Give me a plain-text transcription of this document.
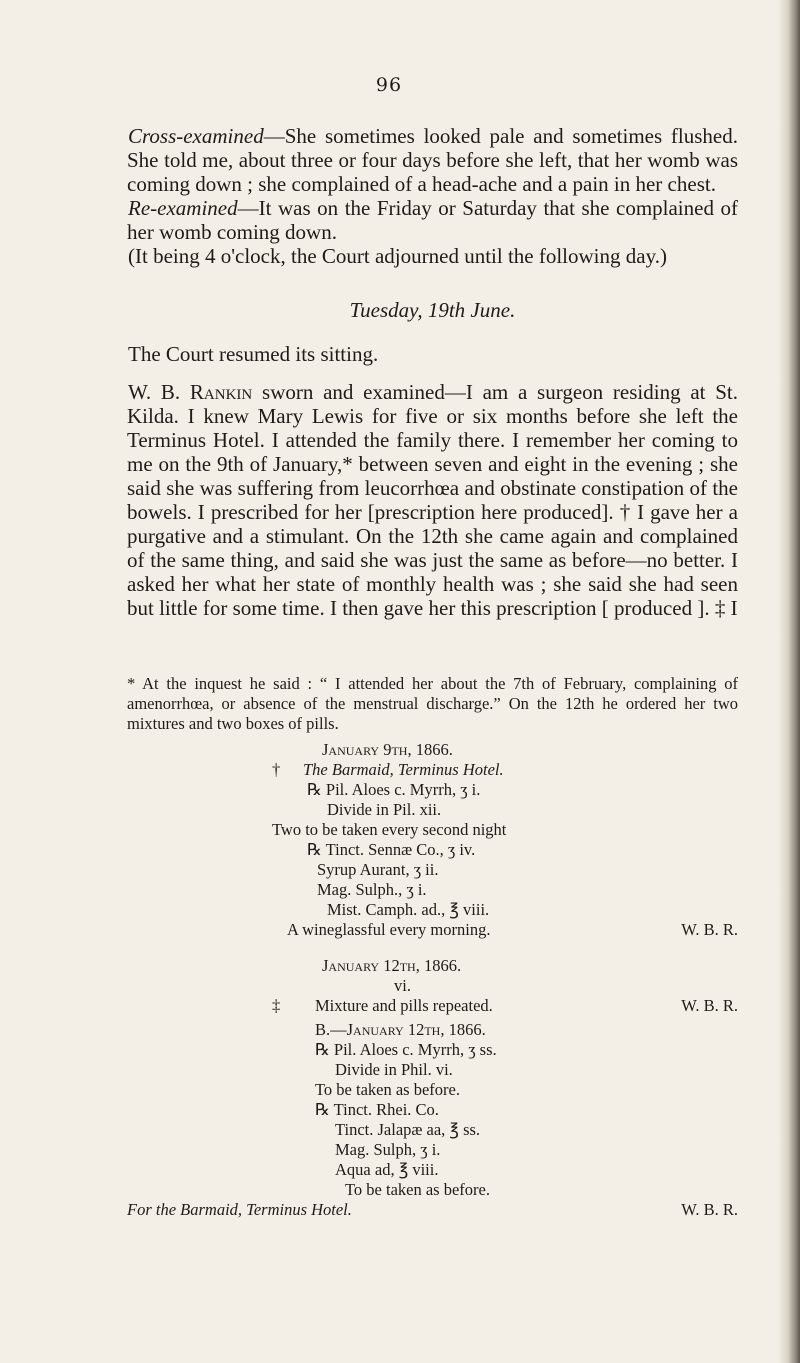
96

Cross-examined—She sometimes looked pale and sometimes flushed. She told me, about three or four days before she left, that her womb was coming down ; she complained of a head-ache and a pain in her chest.

Re-examined—It was on the Friday or Saturday that she complained of her womb coming down.

(It being 4 o'clock, the Court adjourned until the following day.)

Tuesday, 19th June.

The Court resumed its sitting.

W. B. Rankin sworn and examined—I am a surgeon residing at St. Kilda. I knew Mary Lewis for five or six months before she left the Terminus Hotel. I attended the family there. I remember her coming to me on the 9th of January,* between seven and eight in the evening ; she said she was suffering from leucorrhœa and obstinate constipation of the bowels. I prescribed for her [prescription here produced]. † I gave her a purgative and a stimulant. On the 12th she came again and complained of the same thing, and said she was just the same as before—no better. I asked her what her state of monthly health was ; she said she had seen but little for some time. I then gave her this prescription [ produced ]. ‡ I

* At the inquest he said : “ I attended her about the 7th of February, complaining of amenorrhœa, or absence of the menstrual discharge.” On the 12th he ordered her two mixtures and two boxes of pills.

January 9th, 1866.
† The Barmaid, Terminus Hotel.
℞ Pil. Aloes c. Myrrh, ʒ i.
Divide in Pil. xii.
Two to be taken every second night
℞ Tinct. Sennæ Co., ʒ iv.
Syrup Aurant, ʒ ii.
Mag. Sulph., ʒ i.
Mist. Camph. ad., ℥ viii.
A wineglassful every morning.	W. B. R.
January 12th, 1866.
vi.
‡ Mixture and pills repeated.	W. B. R.
B.—January 12th, 1866.
℞ Pil. Aloes c. Myrrh, ʒ ss.
Divide in Phil. vi.
To be taken as before.
℞ Tinct. Rhei. Co.
Tinct. Jalapæ aa, ℥ ss.
Mag. Sulph, ʒ i.
Aqua ad, ℥ viii.
To be taken as before.
For the Barmaid, Terminus Hotel.	W. B. R.
